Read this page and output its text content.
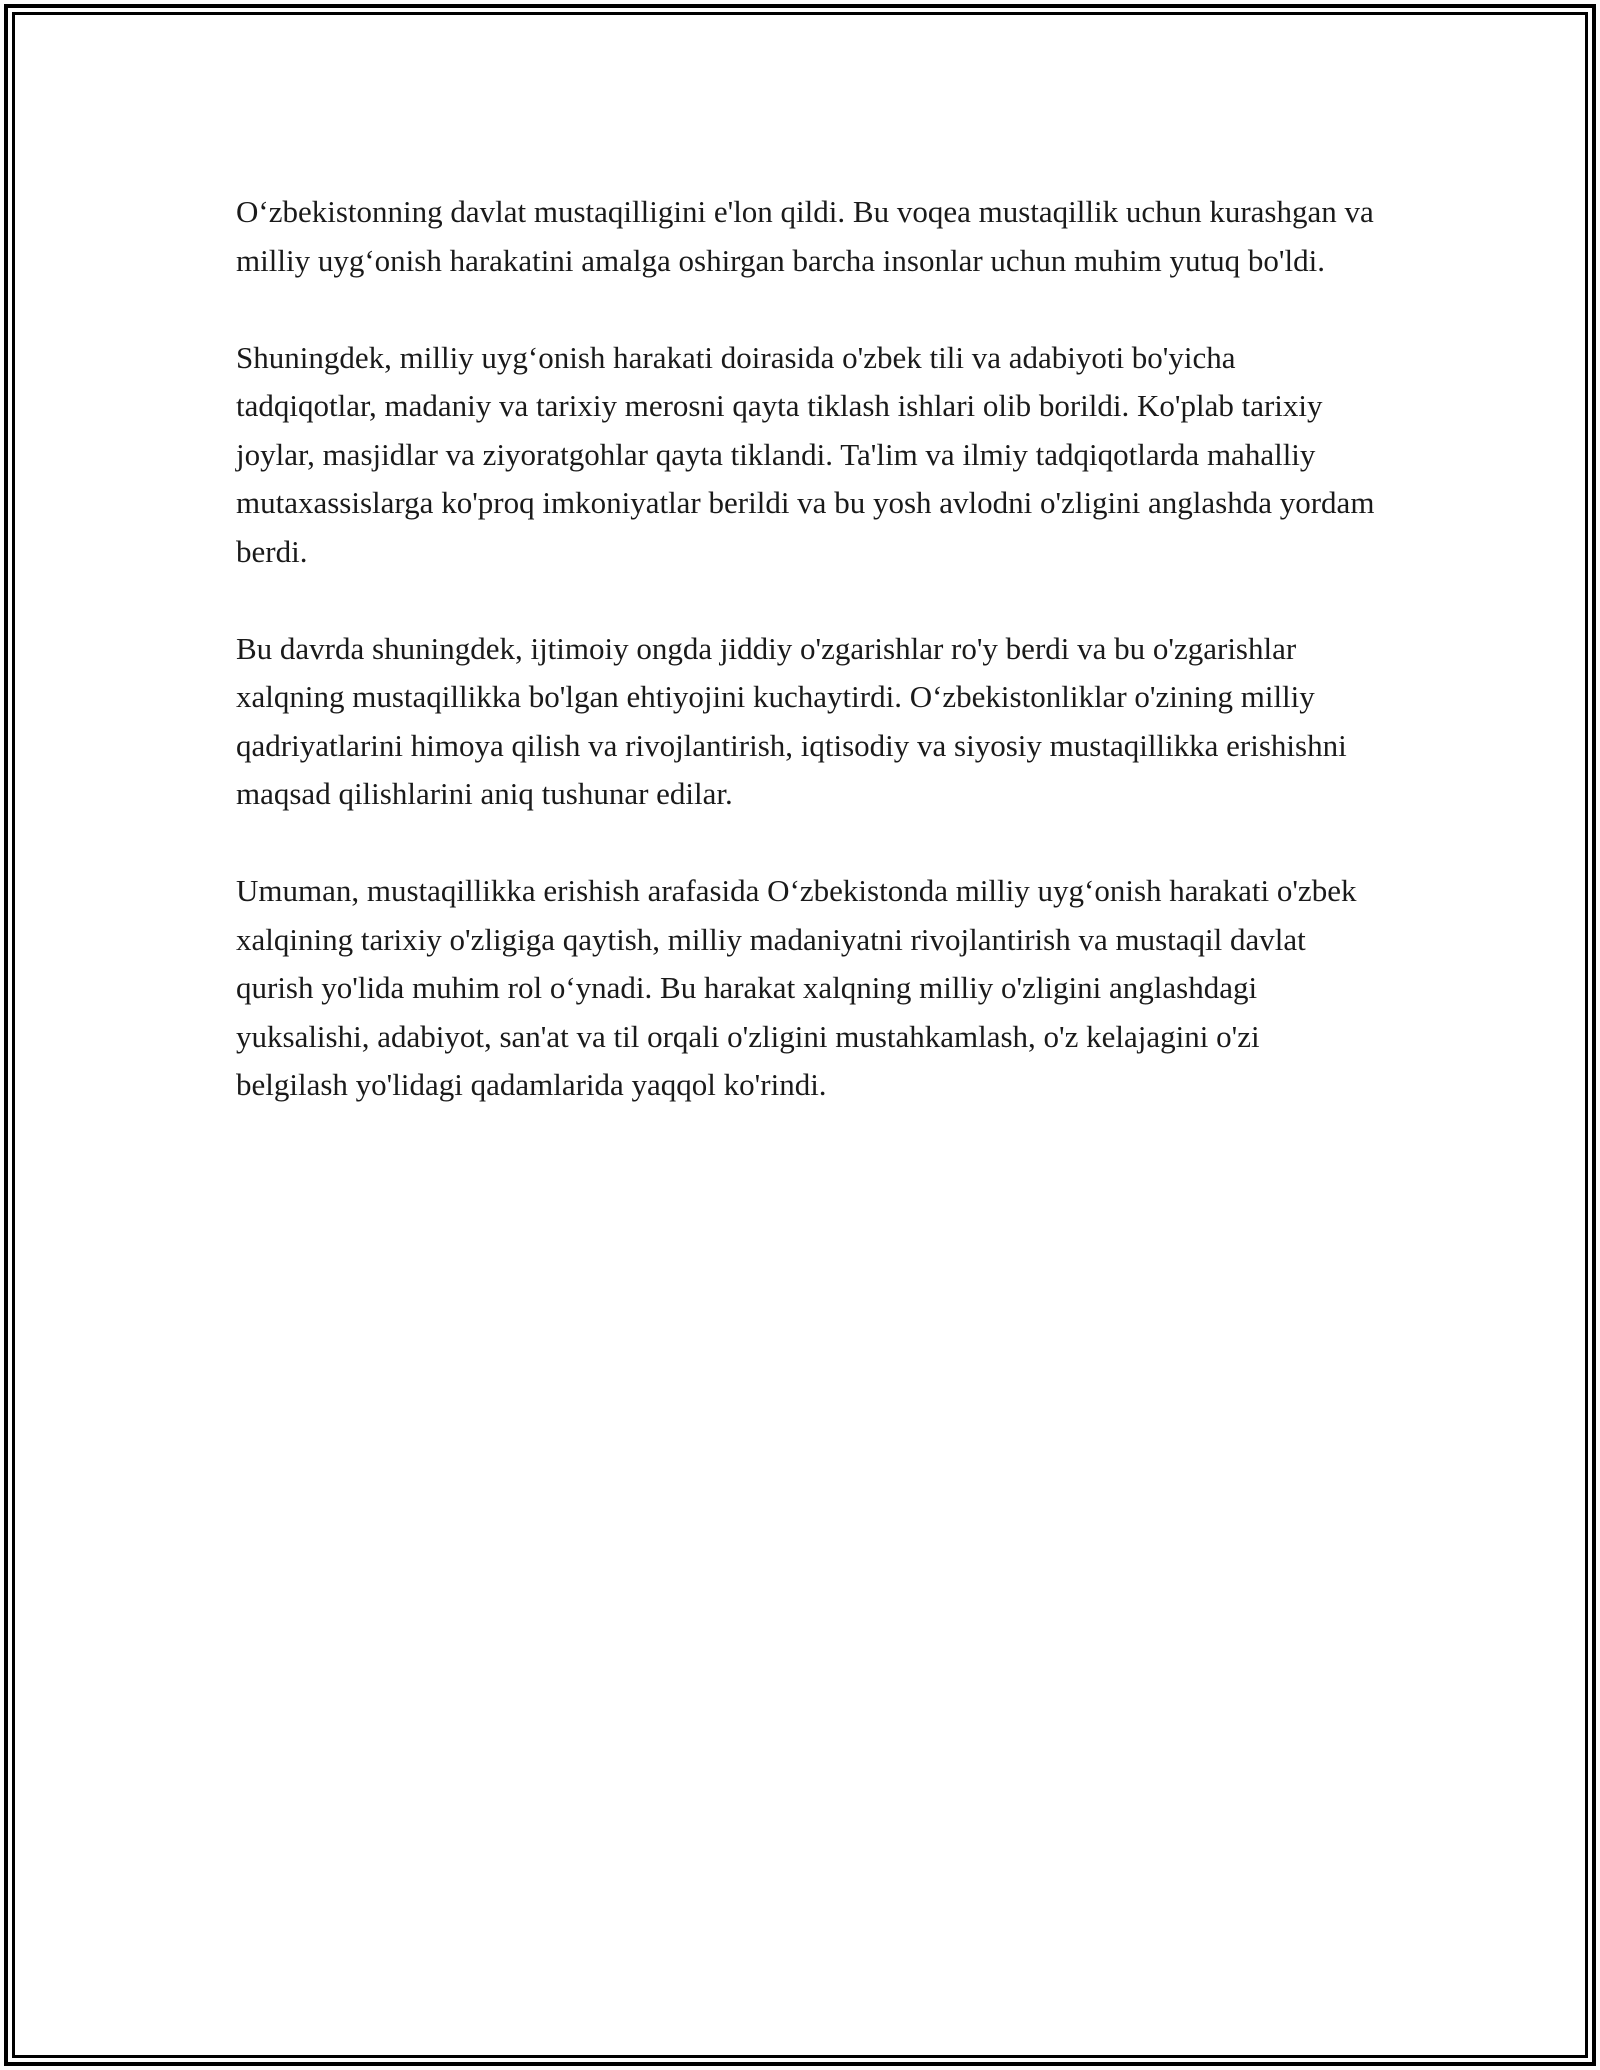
O‘zbekistonning davlat mustaqilligini e'lon qildi. Bu voqea mustaqillik uchun kurashgan va milliy uyg‘onish harakatini amalga oshirgan barcha insonlar uchun muhim yutuq bo'ldi.

Shuningdek, milliy uyg‘onish harakati doirasida o'zbek tili va adabiyoti bo'yicha tadqiqotlar, madaniy va tarixiy merosni qayta tiklash ishlari olib borildi. Ko'plab tarixiy joylar, masjidlar va ziyoratgohlar qayta tiklandi. Ta'lim va ilmiy tadqiqotlarda mahalliy mutaxassislarga ko'proq imkoniyatlar berildi va bu yosh avlodni o'zligini anglashda yordam berdi.

Bu davrda shuningdek, ijtimoiy ongda jiddiy o'zgarishlar ro'y berdi va bu o'zgarishlar xalqning mustaqillikka bo'lgan ehtiyojini kuchaytirdi. O‘zbekistonliklar o'zining milliy qadriyatlarini himoya qilish va rivojlantirish, iqtisodiy va siyosiy mustaqillikka erishishni maqsad qilishlarini aniq tushunar edilar.

Umuman, mustaqillikka erishish arafasida O‘zbekistonda milliy uyg‘onish harakati o'zbek xalqining tarixiy o'zligiga qaytish, milliy madaniyatni rivojlantirish va mustaqil davlat qurish yo'lida muhim rol o‘ynadi. Bu harakat xalqning milliy o'zligini anglashdagi yuksalishi, adabiyot, san'at va til orqali o'zligini mustahkamlash, o'z kelajagini o'zi belgilash yo'lidagi qadamlarida yaqqol ko'rindi.
